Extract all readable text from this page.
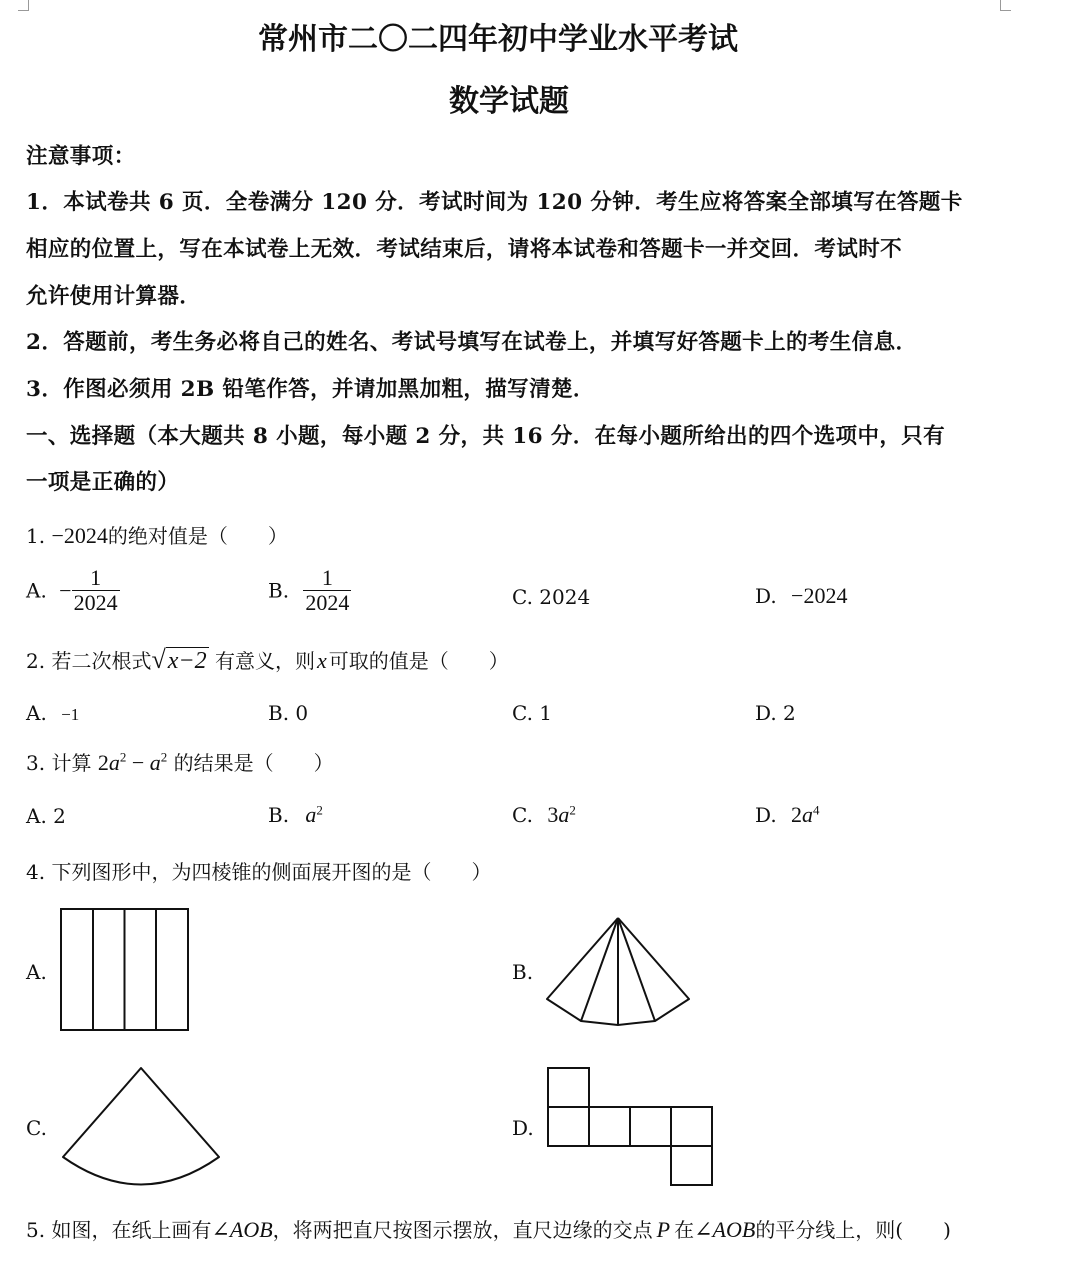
常州市二〇二四年初中学业水平考试
数学试题
注意事项：
1．本试卷共 6 页．全卷满分 120 分．考试时间为 120 分钟．考生应将答案全部填写在答题卡
相应的位置上，写在本试卷上无效．考试结束后，请将本试卷和答题卡一并交回．考试时不
允许使用计算器．
2．答题前，考生务必将自己的姓名、考试号填写在试卷上，并填写好答题卡上的考生信息．
3．作图必须用 2B 铅笔作答，并请加黑加粗，描写清楚．
一、选择题（本大题共 8 小题，每小题 2 分，共 16 分．在每小题所给出的四个选项中，只有
一项是正确的）
1. −2024的绝对值是（　　）
A. − $\frac{1}{2024}$	B. $\frac{1}{2024}$	C. 2024	D. −2024
2. 若二次根式√x−2 有意义，则x 可取的值是（　　）
A. −1	B. 0	C. 1	D. 2
3. 计算 $2a^2 - a^2$ 的结果是（　　）
A. 2	B. $a^2$	C. $3a^2$	D. $2a^4$
4. 下列图形中，为四棱锥的侧面展开图的是（　　）
A.	B.
C.	D.
5. 如图，在纸上画有∠AOB，将两把直尺按图示摆放，直尺边缘的交点 P 在∠AOB的平分线上，则(　　)
